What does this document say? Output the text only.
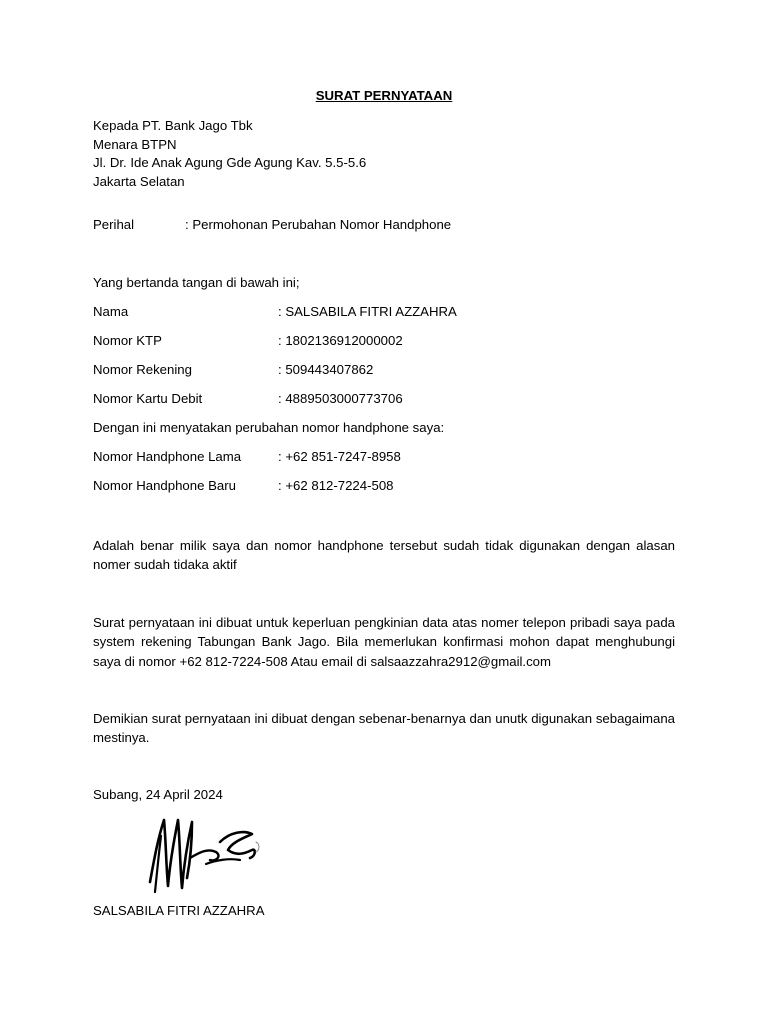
SURAT PERNYATAAN
Kepada PT. Bank Jago Tbk
Menara BTPN
Jl. Dr. Ide Anak Agung Gde Agung Kav. 5.5-5.6
Jakarta Selatan
Perihal	: Permohonan Perubahan Nomor Handphone
Yang bertanda tangan di bawah ini;
Nama	: SALSABILA FITRI AZZAHRA
Nomor KTP	: 1802136912000002
Nomor Rekening	: 509443407862
Nomor Kartu Debit	: 4889503000773706
Dengan ini menyatakan perubahan nomor handphone saya:
Nomor Handphone Lama	: +62 851-7247-8958
Nomor Handphone Baru	: +62 812-7224-508
Adalah benar milik saya dan nomor handphone tersebut sudah tidak digunakan dengan alasan nomer sudah tidaka aktif
Surat pernyataan ini dibuat untuk keperluan pengkinian data atas nomer telepon pribadi saya pada system rekening Tabungan Bank Jago. Bila memerlukan konfirmasi mohon dapat menghubungi saya di nomor +62 812-7224-508 Atau email di salsaazzahra2912@gmail.com
Demikian surat pernyataan ini dibuat dengan sebenar-benarnya dan unutk digunakan sebagaimana mestinya.
Subang, 24 April 2024
SALSABILA FITRI AZZAHRA
